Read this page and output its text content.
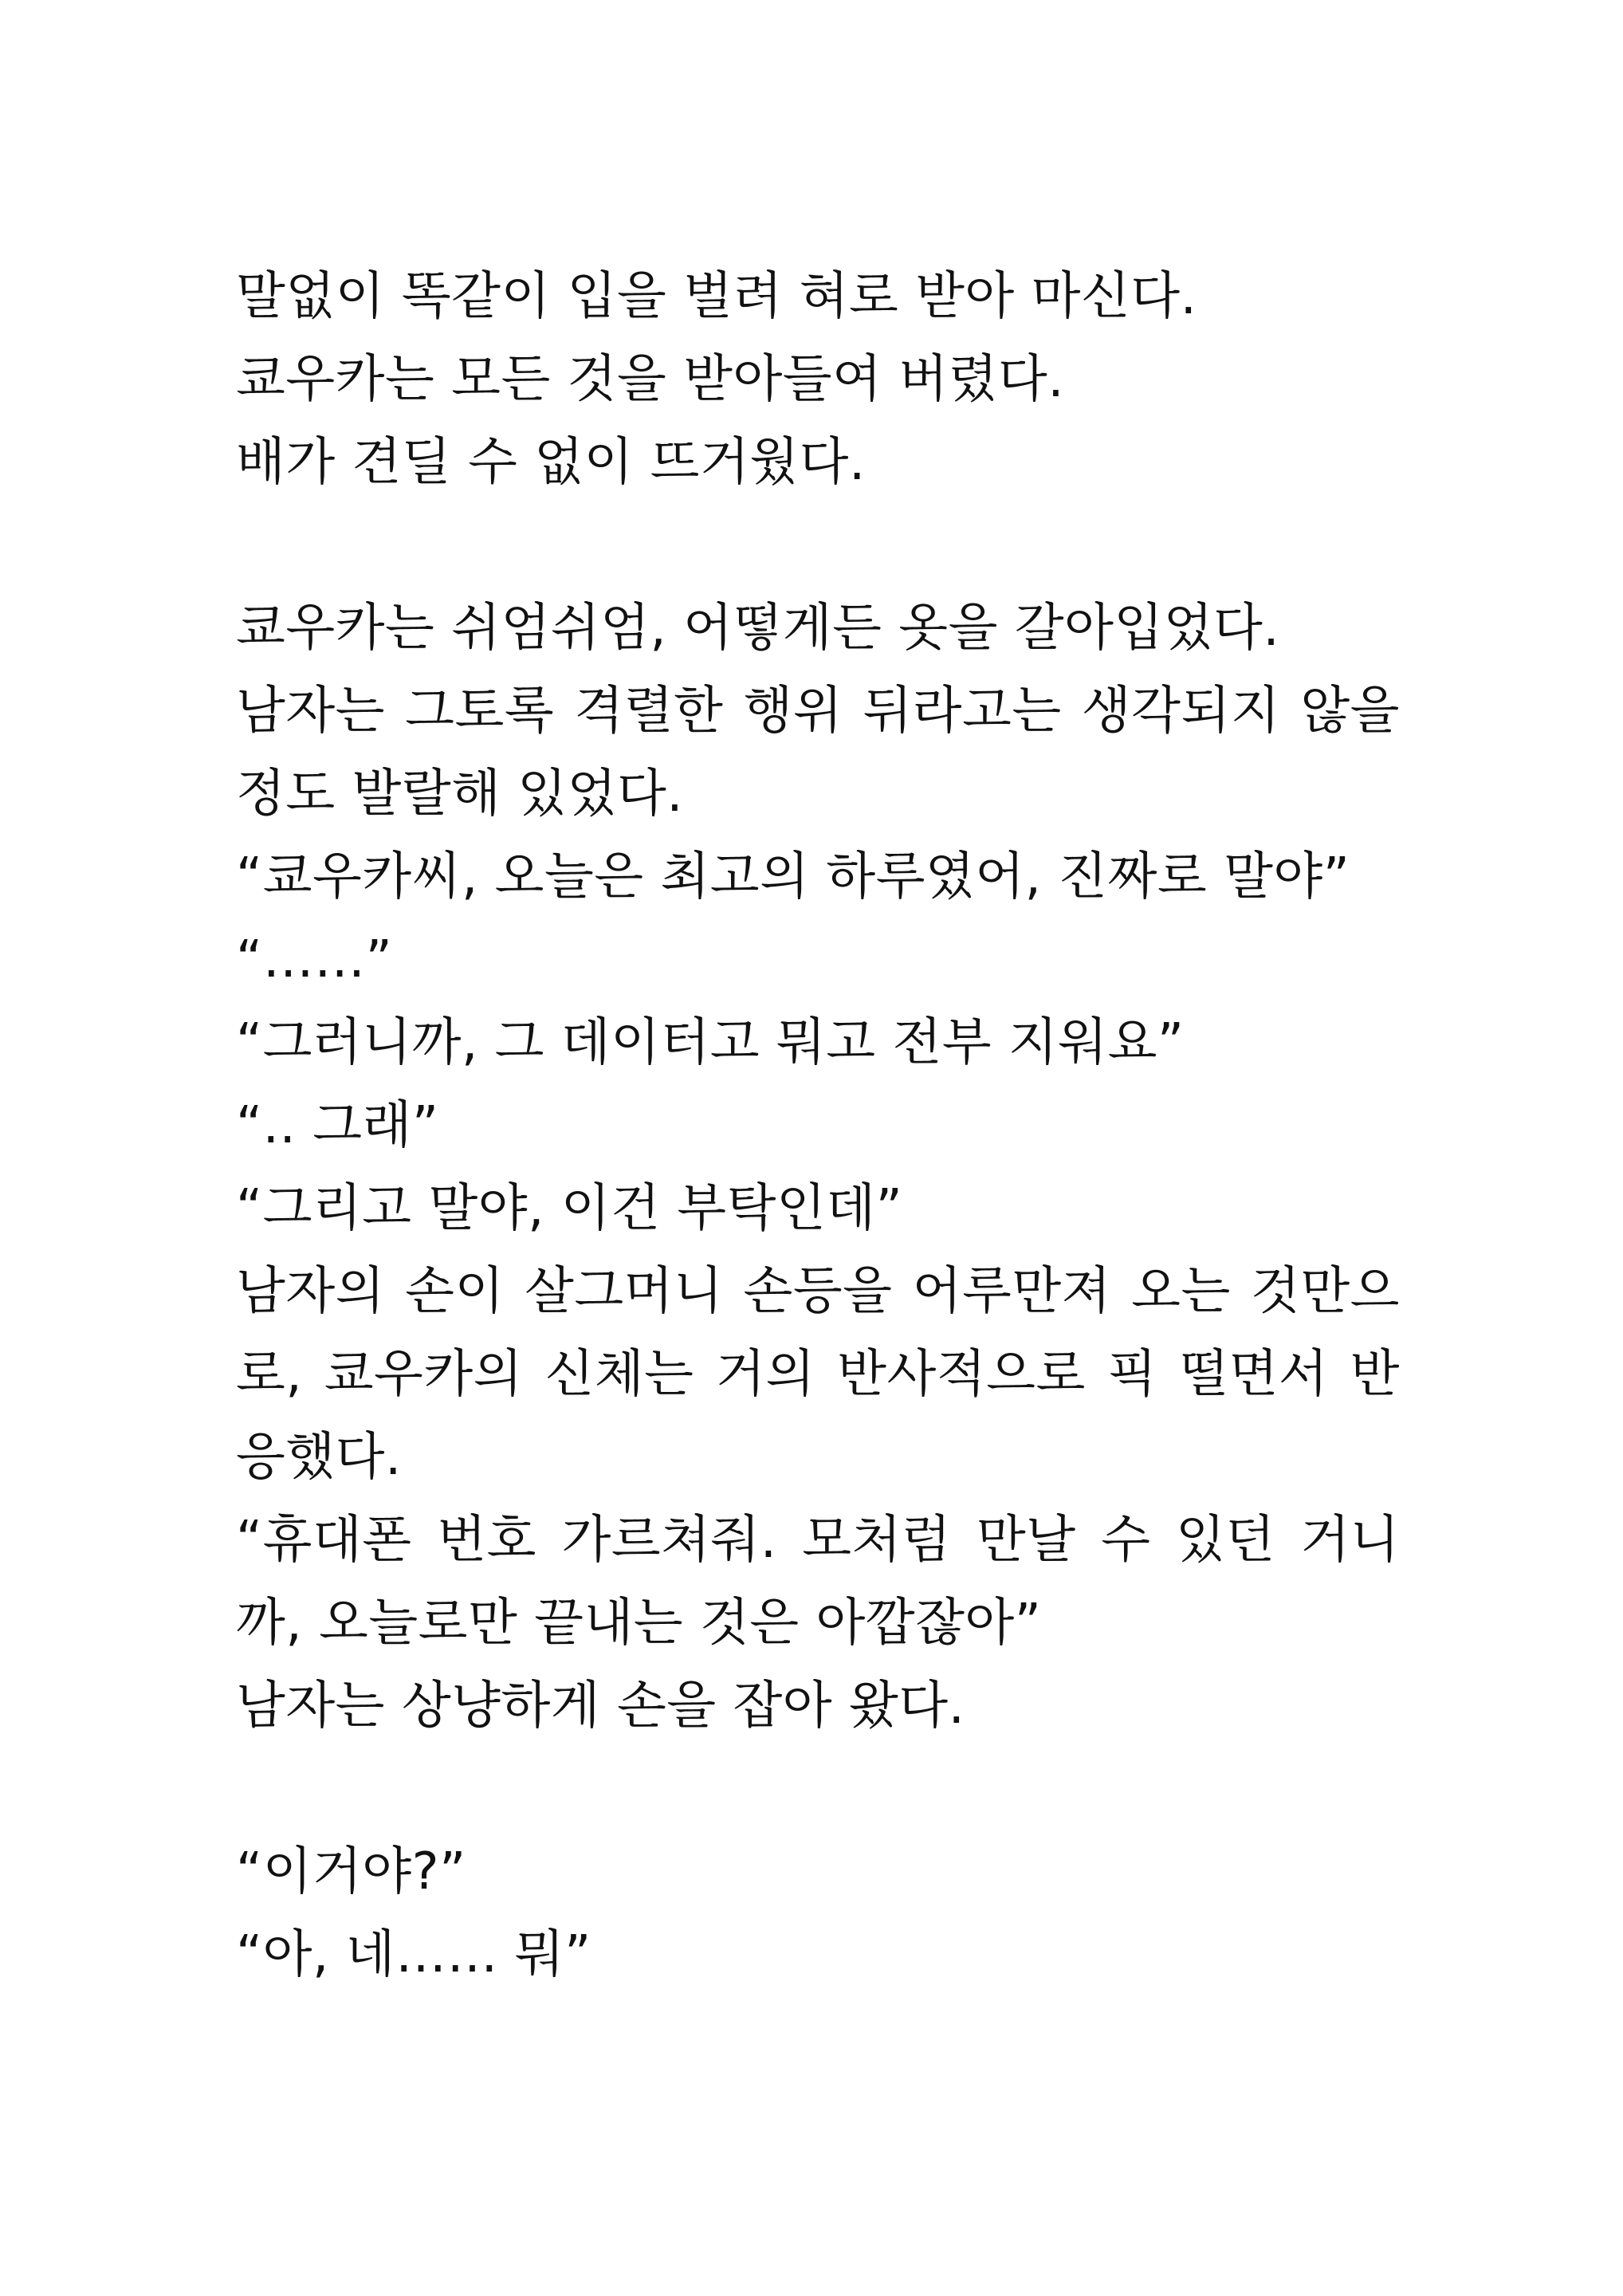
말없이 똑같이 입을 벌려 혀로 받아 마신다.
쿄우카는 모든 것을 받아들여 버렸다.
배가 견딜 수 없이 뜨거웠다.
쿄우카는 쉬엄쉬엄, 어떻게든 옷을 갈아입었다.
남자는 그토록 격렬한 행위 뒤라고는 생각되지 않을
정도 발랄해 있었다.
“쿄우카씨, 오늘은 최고의 하루였어, 진짜로 말야”
“……”
“그러니까, 그 데이터고 뭐고 전부 지워요”
“.. 그래”
“그리고 말야, 이건 부탁인데”
남자의 손이 살그머니 손등을 어루만져 오는 것만으
로, 쿄우카의 신체는 거의 반사적으로 픽 떨면서 반
응했다.
“휴대폰 번호 가르쳐줘. 모처럼 만날 수 있던 거니
까, 오늘로만 끝내는 것은 아깝잖아”
남자는 상냥하게 손을 잡아 왔다.
“이거야?”
“아, 네…… 뭐”
